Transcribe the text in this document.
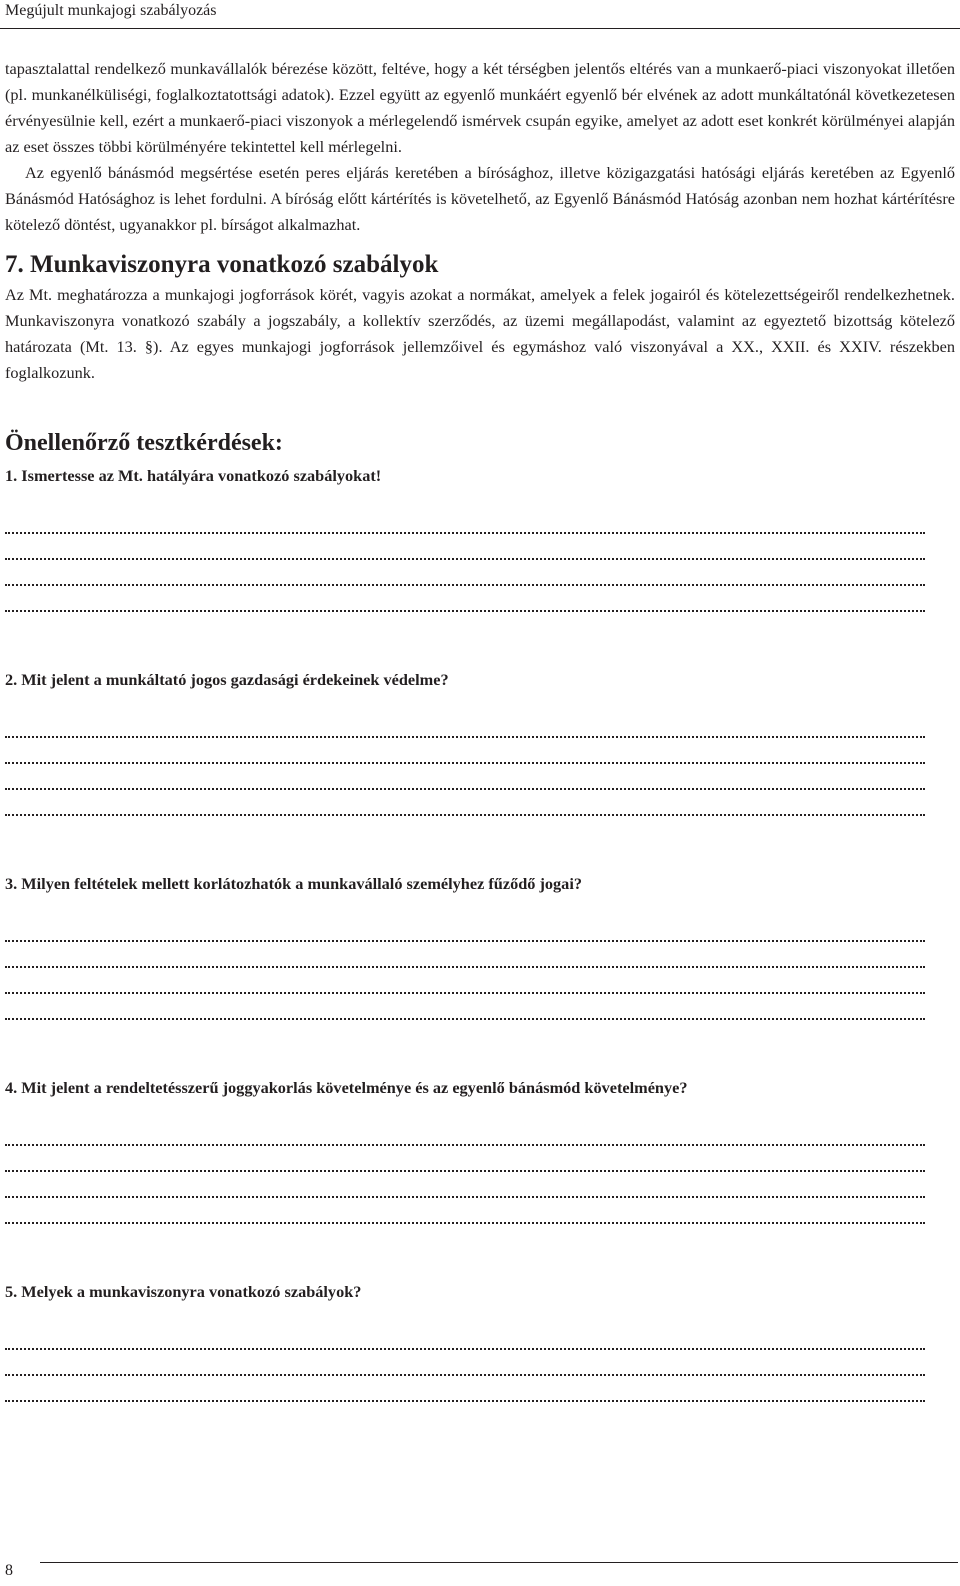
Megújult munkajogi szabályozás

tapasztalattal rendelkező munkavállalók bérezése között, feltéve, hogy a két térségben jelentős eltérés van a munkaerő-piaci viszonyokat illetően (pl. munkanélküliségi, foglalkoztatottsági adatok). Ezzel együtt az egyenlő munkáért egyenlő bér elvének az adott munkáltatónál következetesen érvényesülnie kell, ezért a munkaerő-piaci viszonyok a mérlegelendő ismérvek csupán egyike, amelyet az adott eset konkrét körülményei alapján az eset összes többi körülményére tekintettel kell mérlegelni.

Az egyenlő bánásmód megsértése esetén peres eljárás keretében a bírósághoz, illetve közigazgatási hatósági eljárás keretében az Egyenlő Bánásmód Hatósághoz is lehet fordulni. A bíróság előtt kártérítés is követelhető, az Egyenlő Bánásmód Hatóság azonban nem hozhat kártérítésre kötelező döntést, ugyanakkor pl. bírságot alkalmazhat.

7. Munkaviszonyra vonatkozó szabályok

Az Mt. meghatározza a munkajogi jogforrások körét, vagyis azokat a normákat, amelyek a felek jogairól és kötelezettségeiről rendelkezhetnek. Munkaviszonyra vonatkozó szabály a jogszabály, a kollektív szerződés, az üzemi megállapodást, valamint az egyeztető bizottság kötelező határozata (Mt. 13. §). Az egyes munkajogi jogforrások jellemzőivel és egymáshoz való viszonyával a XX., XXII. és XXIV. részekben foglalkozunk.

Önellenőrző tesztkérdések:
1. Ismertesse az Mt. hatályára vonatkozó szabályokat!
2. Mit jelent a munkáltató jogos gazdasági érdekeinek védelme?
3. Milyen feltételek mellett korlátozhatók a munkavállaló személyhez fűződő jogai?
4. Mit jelent a rendeltetésszerű joggyakorlás követelménye és az egyenlő bánásmód követelménye?
5. Melyek a munkaviszonyra vonatkozó szabályok?
8
